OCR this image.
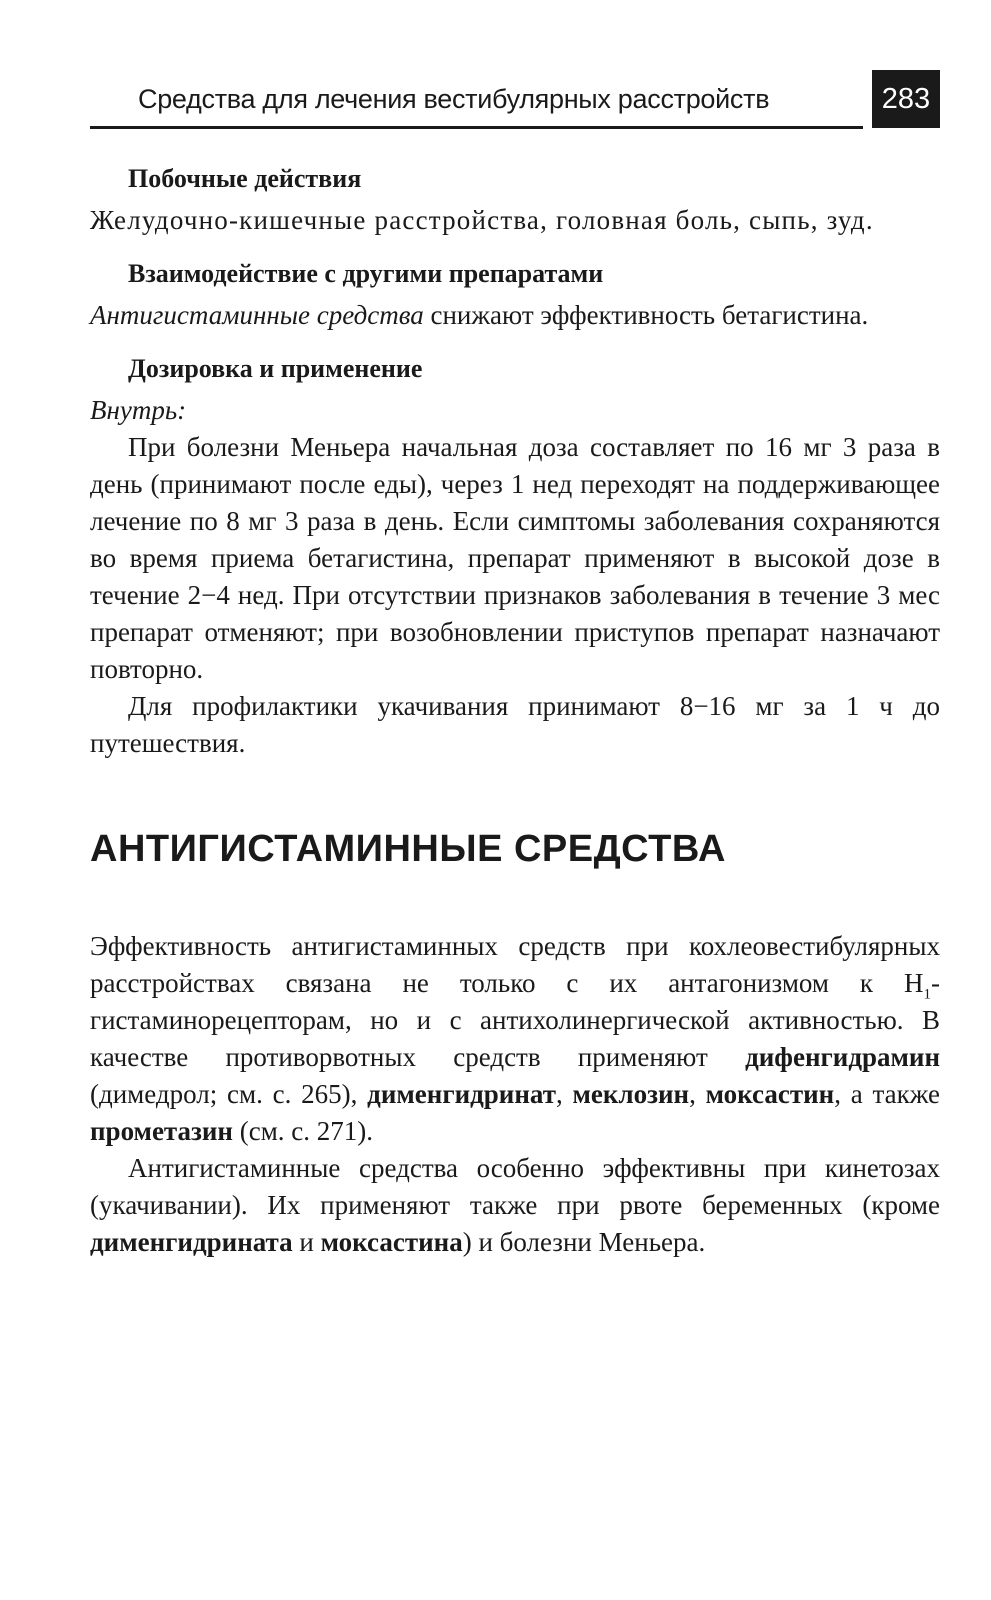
Средства для лечения вестибулярных расстройств	283
Побочные действия

Желудочно-кишечные расстройства, головная боль, сыпь, зуд.

Взаимодействие с другими препаратами

Антигистаминные средства снижают эффективность бетагистина.

Дозировка и применение

Внутрь:

При болезни Меньера начальная доза составляет по 16 мг 3 раза в день (принимают после еды), через 1 нед переходят на поддерживающее лечение по 8 мг 3 раза в день. Если симптомы заболевания сохраняются во время приема бетагистина, препарат применяют в высокой дозе в течение 2−4 нед. При отсутствии признаков заболевания в течение 3 мес препарат отменяют; при возобновлении приступов препарат назначают повторно.

Для профилактики укачивания принимают 8−16 мг за 1 ч до путешествия.

АНТИГИСТАМИННЫЕ СРЕДСТВА

Эффективность антигистаминных средств при кохлеовестибулярных расстройствах связана не только с их антагонизмом к $H_1$-гистаминорецепторам, но и с антихолинергической активностью. В качестве противорвотных средств применяют дифенгидрамин (димедрол; см. с. 265), дименгидринат, меклозин, моксастин, а также прометазин (см. с. 271).

Антигистаминные средства особенно эффективны при кинетозах (укачивании). Их применяют также при рвоте беременных (кроме дименгидрината и моксастина) и болезни Меньера.
